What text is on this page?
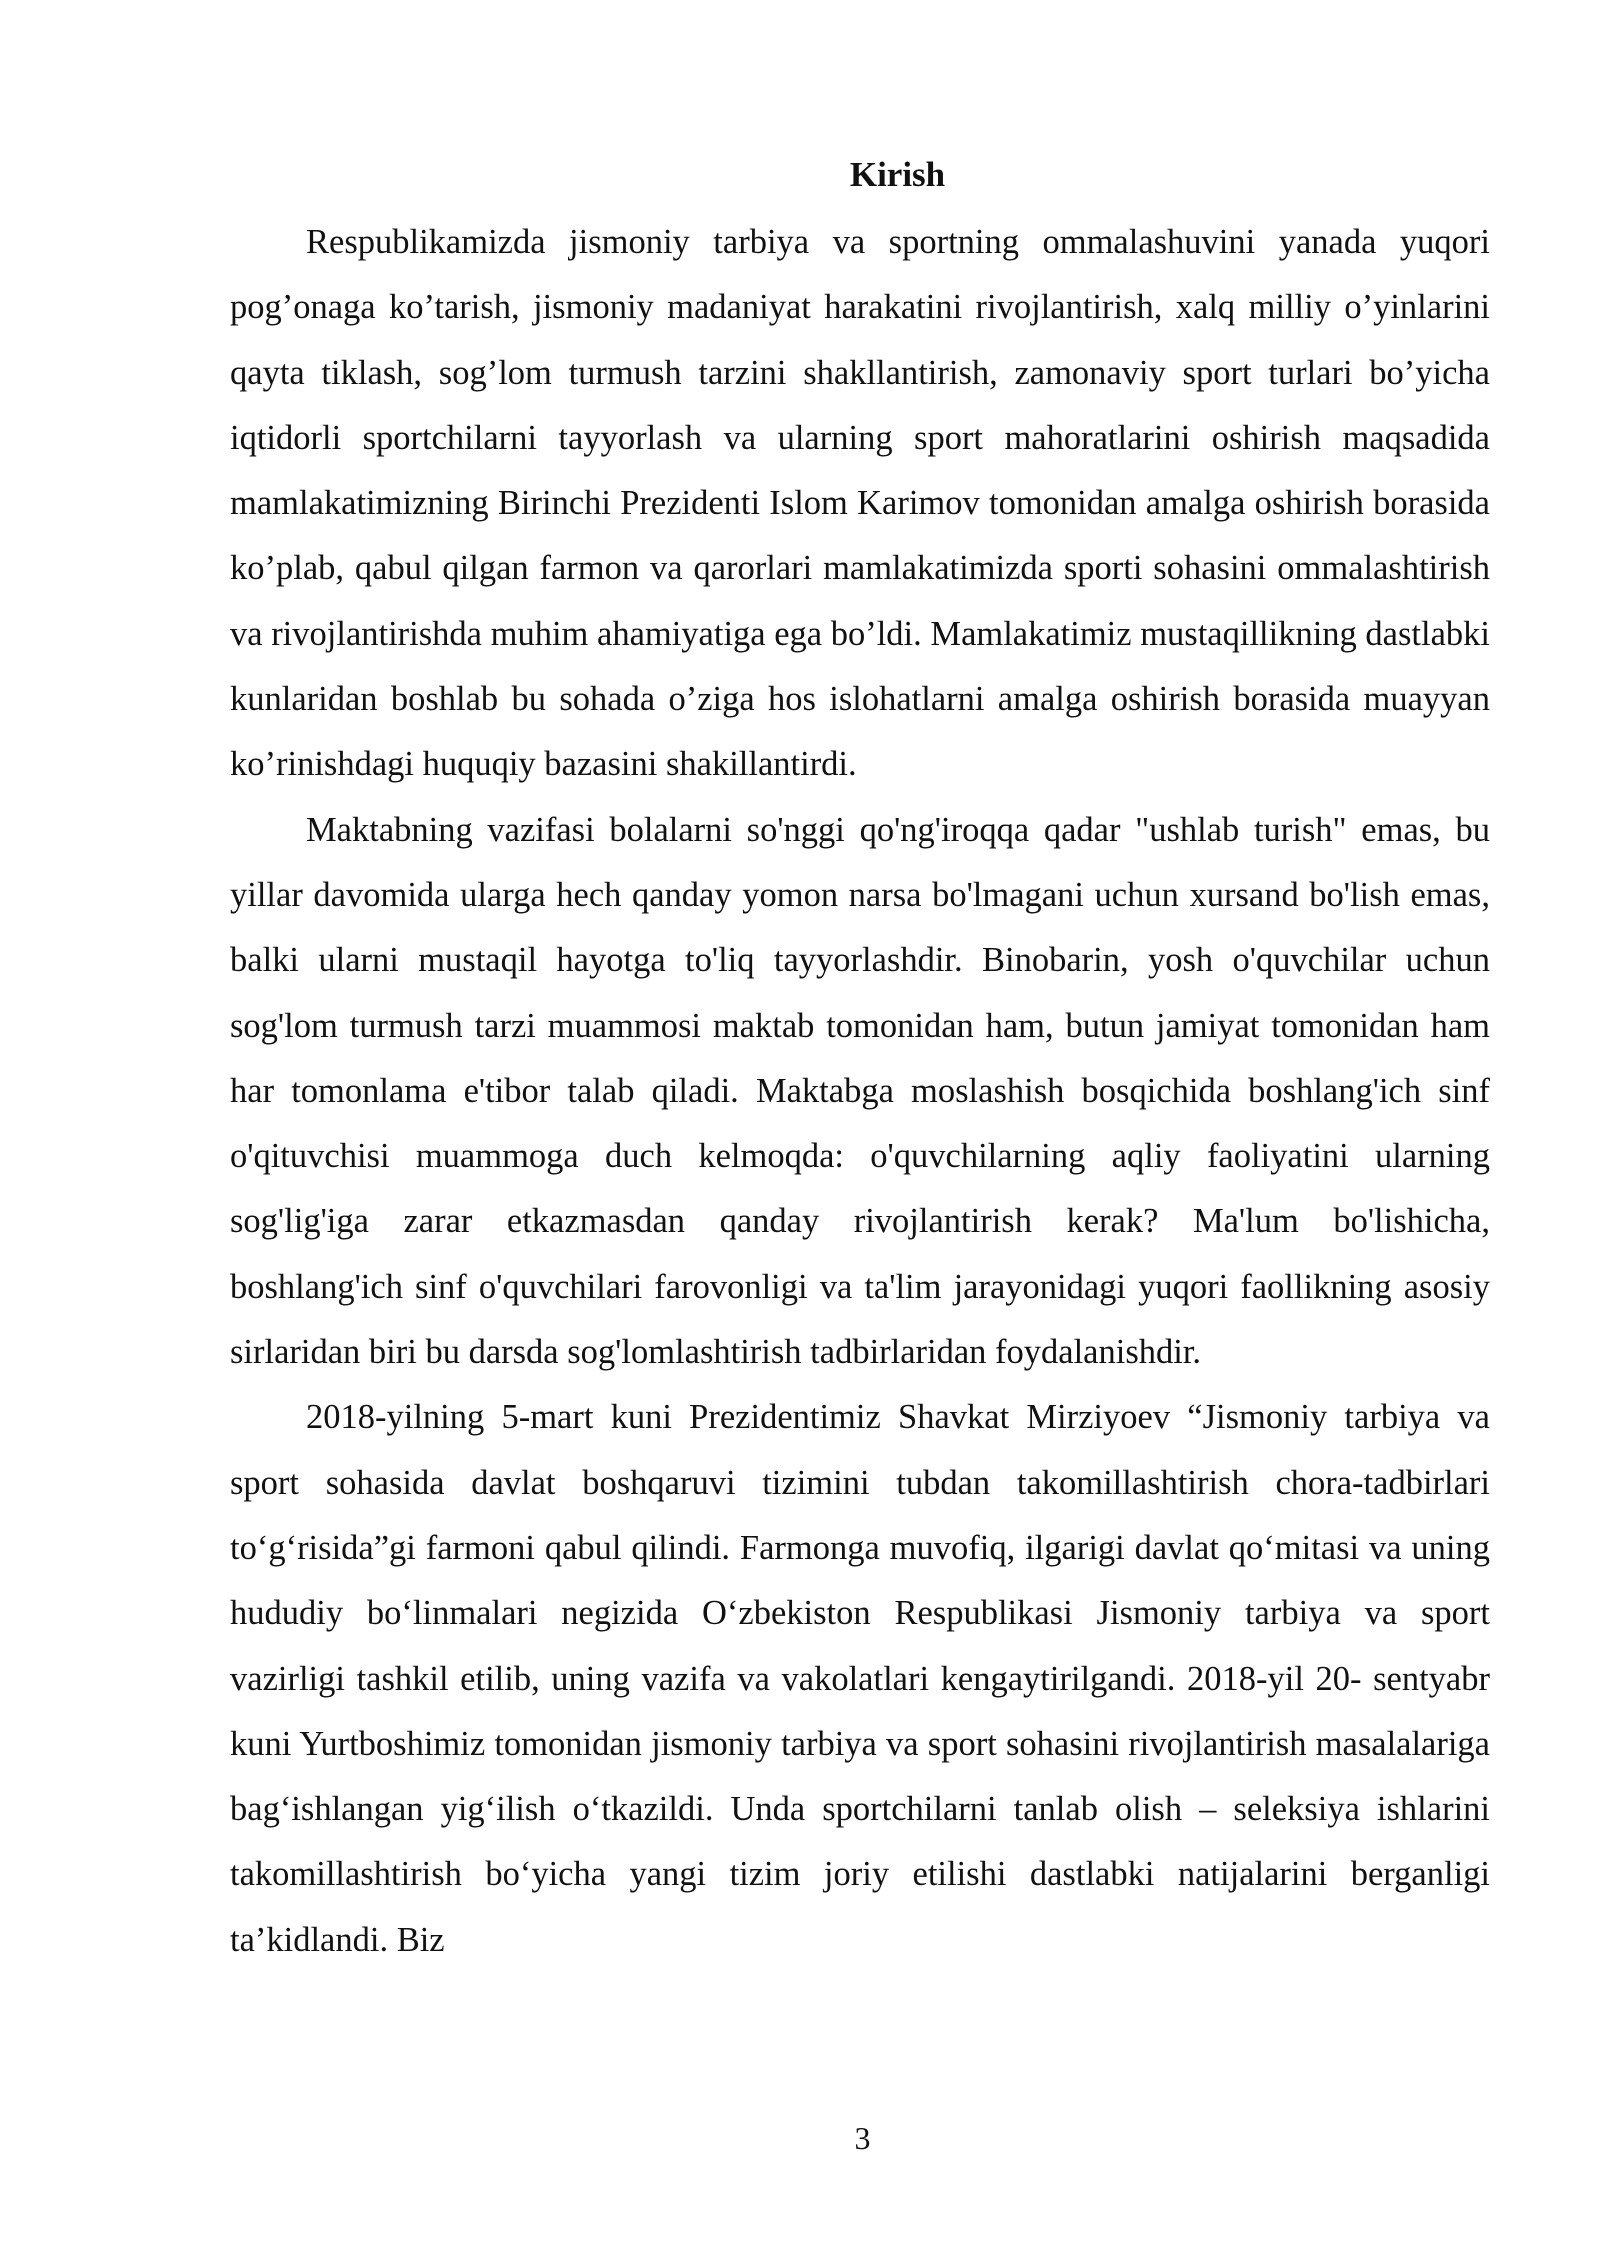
Kirish

Respublikamizda jismoniy tarbiya va sportning ommalashuvini yanada yuqori pog’onaga ko’tarish, jismoniy madaniyat harakatini rivojlantirish, xalq milliy o’yinlarini qayta tiklash, sog’lom turmush tarzini shakllantirish, zamonaviy sport turlari bo’yicha iqtidorli sportchilarni tayyorlash va ularning sport mahoratlarini oshirish maqsadida mamlakatimizning Birinchi Prezidenti Islom Karimov tomonidan amalga oshirish borasida ko’plab, qabul qilgan farmon va qarorlari mamlakatimizda sporti sohasini ommalashtirish va rivojlantirishda muhim ahamiyatiga ega bo’ldi. Mamlakatimiz mustaqillikning dastlabki kunlaridan boshlab bu sohada o’ziga hos islohatlarni amalga oshirish borasida muayyan ko’rinishdagi huquqiy bazasini shakillantirdi.

Maktabning vazifasi bolalarni so'nggi qo'ng'iroqqa qadar "ushlab turish" emas, bu yillar davomida ularga hech qanday yomon narsa bo'lmagani uchun xursand bo'lish emas, balki ularni mustaqil hayotga to'liq tayyorlashdir. Binobarin, yosh o'quvchilar uchun sog'lom turmush tarzi muammosi maktab tomonidan ham, butun jamiyat tomonidan ham har tomonlama e'tibor talab qiladi. Maktabga moslashish bosqichida boshlang'ich sinf o'qituvchisi muammoga duch kelmoqda: o'quvchilarning aqliy faoliyatini ularning sog'lig'iga zarar etkazmasdan qanday rivojlantirish kerak? Ma'lum bo'lishicha, boshlang'ich sinf o'quvchilari farovonligi va ta'lim jarayonidagi yuqori faollikning asosiy sirlaridan biri bu darsda sog'lomlashtirish tadbirlaridan foydalanishdir.

2018-yilning 5-mart kuni Prezidentimiz Shavkat Mirziyoev “Jismoniy tarbiya va sport sohasida davlat boshqaruvi tizimini tubdan takomillashtirish chora-tadbirlari to‘g‘risida”gi farmoni qabul qilindi. Farmonga muvofiq, ilgarigi davlat qo‘mitasi va uning hududiy bo‘linmalari negizida O‘zbekiston Respublikasi Jismoniy tarbiya va sport vazirligi tashkil etilib, uning vazifa va vakolatlari kengaytirilgandi. 2018-yil 20- sentyabr kuni Yurtboshimiz tomonidan jismoniy tarbiya va sport sohasini rivojlantirish masalalariga bag‘ishlangan yig‘ilish o‘tkazildi. Unda sportchilarni tanlab olish – seleksiya ishlarini takomillashtirish bo‘yicha yangi tizim joriy etilishi dastlabki natijalarini berganligi ta’kidlandi. Biz

3
